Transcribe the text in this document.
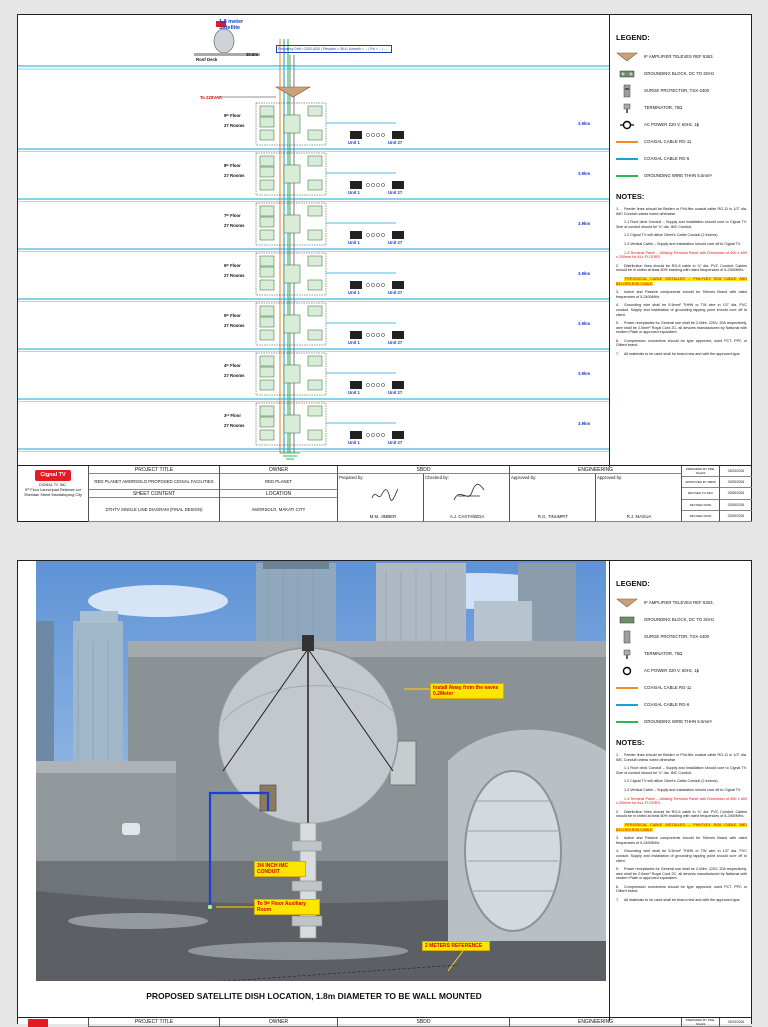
1.8 meter Satellite
Roof Deck
30.6m
Frequency Drift = 3300-4200 | Elevation = 36.6 / Azimuth = ... | Pol = ... | ...
To 220VAC
3.9km
9ᵗʰ Floor
27 Rooms
Unit 1	Unit 27
3.9km
8ᵗʰ Floor
27 Rooms
Unit 1	Unit 27
3.9km
7ᵗʰ Floor
27 Rooms
Unit 1	Unit 27
3.9km
6ᵗʰ Floor
27 Rooms
Unit 1	Unit 27
3.9km
5ᵗʰ Floor
27 Rooms
Unit 1	Unit 27
3.9km
4ᵗʰ Floor
27 Rooms
Unit 1	Unit 27
3.9km
3ʳᵈ Floor
27 Rooms
Unit 1	Unit 27
LEGEND:
IF AMPLIFIER TELEVES REF 5363.
GROUNDING BLOCK, DC TO 3GHz
SURGE PROTECTOR, TSX-2400
TERMINATOR, 75Ω
AC POWER 220 V, 60Hz, 1ϕ
COAXIAL CABLE RG-11
COAXIAL CABLE RG-6
GROUNDING WIRE THHN 5.5mm²
NOTES:
1. Feeder lines should be Belden or Phil-flex coaxial cable RG-11 in 1/2" dia. IMC Conduit unless noted otherwise.
1.1 Roof deck Conduit – Supply and Installation should cure to Cignal TV. Size of conduit should be ¾" dia. IMC Conduit.
1.2 Cignal TV will utilize Client's Cable Conduit (2 inches).
1.3 Vertical Cable – Supply and Installation should cure off to Cignal TV.
1.4 Terminal Panel – Utilizing Terminal Panel with Dimension of 600 x 600 x 200mm for ALL FLOORS.
2. Distribution lines should be RG-6 cable in ¾" dia. PVC Conduit. Cables should be in shield at least 60% braiding with rated frequencies of 5-2400MHz.
PERIODICAL CABLE INSTALLED – PHILFLEX RG6 CABLE AND BELDEN RG6 CABLE
3. Active and Passive components should be Televes Brand with rated frequencies of 5-2400MHz.
4. Grounding wire shall be 5.5mm² THHN or TW wire in 1/2" dia. PVC conduit. Supply and installation of grounding tapping point should cure off to client.
5. Power receptacles for General use shall be 2-Wire, 220V, 20A respectively, wire shall be 2.0mm² Royal Cord 2C, all devices manufactured by National with modern Plate or approved equivalent.
6. Compression connectors should be type approved, used PCT, PPC or Gilbert brand.
7. All materials to be used shall be brand new and with the approved type.
Cignal TV
CIGNAL TV INC.
5ᵗʰ Floor Launchpad Reliance cor Sheridan Street Mandaluyong City
PROJECT TITLE
RED PLANET AMORSOLO PROPOSED CIGNAL FACILITIES
SHEET CONTENT
DTHTV SINGLE LINE DIAGRAM (FINAL DESIGN)
OWNER
RED PLANET
LOCATION
AMORSOLO, MAKATI CITY
SBDD
Prepared by:
M.M. JIMBER
Checked by:
A.J. CASTAÑEDA
ENGINEERING
Approved by:
R.G. TINUMPIT
Approved by:
R.J. MAGUA
PREPARED BY PRE-SALES	02/03/2024
APPROVED BY SBDD	02/05/2024
REVISED TO DEV	02/06/2024
REVISED DATE	02/06/2024
REVISED DATE	02/06/2024
Install Away from the eaves 0.2Meter
3/4 INCH IMC CONDUIT
To 9ᵗʰ Floor Auxiliary Room
2 METERS REFERENCE
PROPOSED SATELLITE DISH LOCATION, 1.8m DIAMETER TO BE WALL MOUNTED
LEGEND:
IF AMPLIFIER TELEVES REF 5363.
GROUNDING BLOCK, DC TO 3GHz
SURGE PROTECTOR, TSX-2400
TERMINATOR, 75Ω
AC POWER 220 V, 60Hz, 1ϕ
COAXIAL CABLE RG-11
COAXIAL CABLE RG-6
GROUNDING WIRE THHN 5.5mm²
NOTES:
1. Feeder lines should be Belden or Phil-flex coaxial cable RG-11 in 1/2" dia. IMC Conduit unless noted otherwise.
1.1 Roof deck Conduit – Supply and Installation should cure to Cignal TV. Size of conduit should be ¾" dia. IMC Conduit.
1.2 Cignal TV will utilize Client's Cable Conduit (2 inches).
1.3 Vertical Cable – Supply and Installation should cure off to Cignal TV.
1.4 Terminal Panel – Utilizing Terminal Panel with Dimension of 600 x 600 x 200mm for ALL FLOORS.
2. Distribution lines should be RG-6 cable in ¾" dia. PVC Conduit. Cables should be in shield at least 60% braiding with rated frequencies of 5-2400MHz.
PERIODICAL CABLE INSTALLED – PHILFLEX RG6 CABLE AND BELDEN RG6 CABLE
3. Active and Passive components should be Televes Brand with rated frequencies of 5-2400MHz.
4. Grounding wire shall be 5.5mm² THHN or TW wire in 1/2" dia. PVC conduit. Supply and installation of grounding tapping point should cure off to client.
5. Power receptacles for General use shall be 2-Wire, 220V, 20A respectively, wire shall be 2.0mm² Royal Cord 2C, all devices manufactured by National with modern Plate or approved equivalent.
6. Compression connectors should be type approved, used PCT, PPC or Gilbert brand.
7. All materials to be used shall be brand new and with the approved type.
PROJECT TITLE	OWNER	SBDD	ENGINEERING	PREPARED BY PRE-SALES	02/03/2024
